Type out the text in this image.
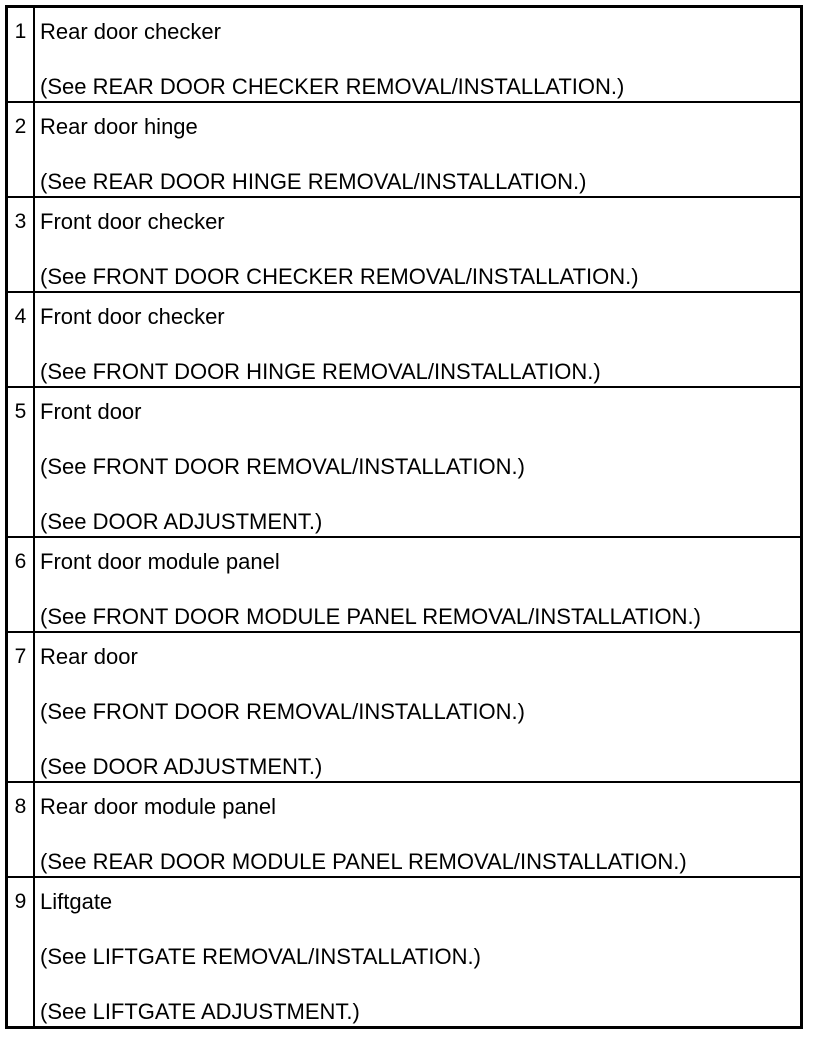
1	Rear door checker
(See REAR DOOR CHECKER REMOVAL/INSTALLATION.)

2	Rear door hinge
(See REAR DOOR HINGE REMOVAL/INSTALLATION.)

3	Front door checker
(See FRONT DOOR CHECKER REMOVAL/INSTALLATION.)

4	Front door checker
(See FRONT DOOR HINGE REMOVAL/INSTALLATION.)

5	Front door
(See FRONT DOOR REMOVAL/INSTALLATION.)
(See DOOR ADJUSTMENT.)

6	Front door module panel
(See FRONT DOOR MODULE PANEL REMOVAL/INSTALLATION.)

7	Rear door
(See FRONT DOOR REMOVAL/INSTALLATION.)
(See DOOR ADJUSTMENT.)

8	Rear door module panel
(See REAR DOOR MODULE PANEL REMOVAL/INSTALLATION.)

9	Liftgate
(See LIFTGATE REMOVAL/INSTALLATION.)
(See LIFTGATE ADJUSTMENT.)
